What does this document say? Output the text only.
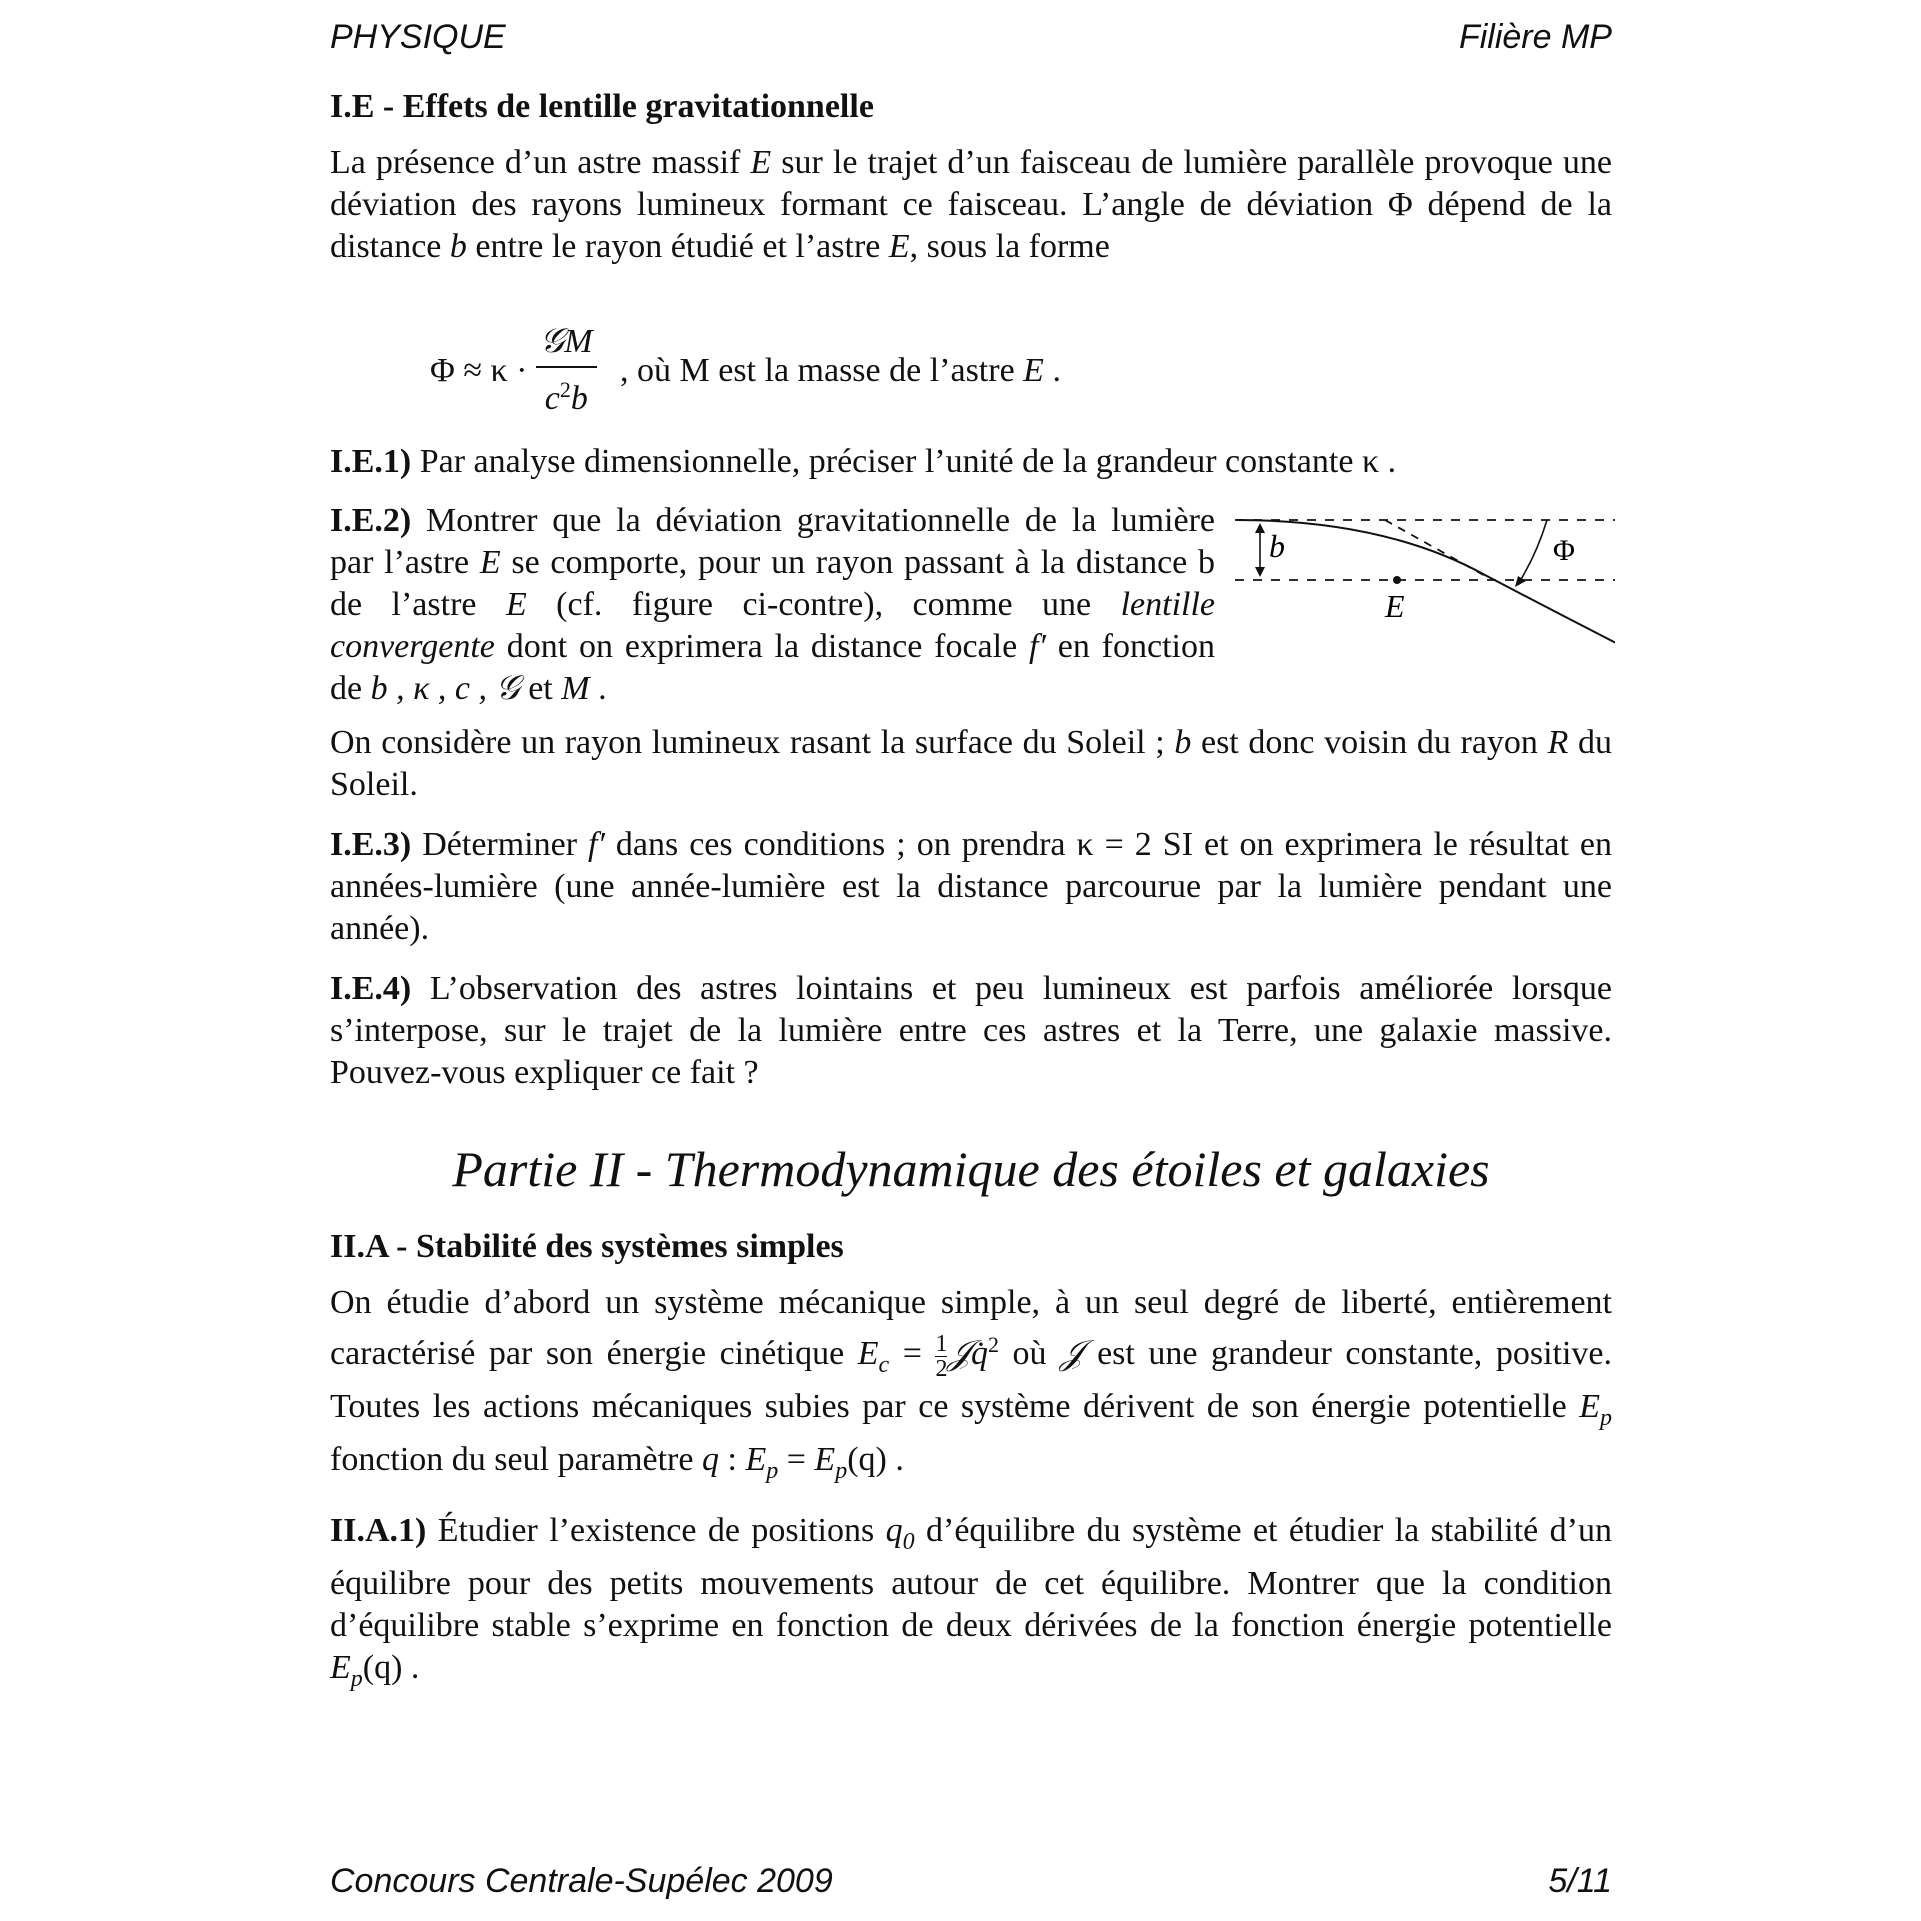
PHYSIQUE	Filière MP
I.E - Effets de lentille gravitationnelle

La présence d’un astre massif E sur le trajet d’un faisceau de lumière parallèle provoque une déviation des rayons lumineux formant ce faisceau. L’angle de déviation Φ dépend de la distance b entre le rayon étudié et l’astre E, sous la forme

Φ ≈ κ ·
𝒢M
$c^2b$
, où M est la masse de l’astre E .

I.E.1) Par analyse dimensionnelle, préciser l’unité de la grandeur constante κ .

I.E.2) Montrer que la déviation gravitationnelle de la lumière par l’astre E se comporte, pour un rayon passant à la distance b de l’astre E (cf. figure ci-contre), comme une lentille convergente dont on exprimera la distance focale f′ en fonction de b , κ , c , 𝒢 et M .

b	Φ
E

On considère un rayon lumineux rasant la surface du Soleil ; b est donc voisin du rayon R du Soleil.

I.E.3) Déterminer f′ dans ces conditions ; on prendra κ = 2 SI et on exprimera le résultat en années-lumière (une année-lumière est la distance parcourue par la lumière pendant une année).

I.E.4) L’observation des astres lointains et peu lumineux est parfois améliorée lorsque s’interpose, sur le trajet de la lumière entre ces astres et la Terre, une galaxie massive. Pouvez-vous expliquer ce fait ?

Partie II - Thermodynamique des étoiles et galaxies
II.A - Stabilité des systèmes simples

On étudie d’abord un système mécanique simple, à un seul degré de liberté, entièrement caractérisé par son énergie cinétique $E_c = \frac{1}{2}$ 𝒥q̇$^2$ où 𝒥 est une grandeur constante, positive. Toutes les actions mécaniques subies par ce système dérivent de son énergie potentielle $E_p$ fonction du seul paramètre q : $E_p = E_p(q)$ .

II.A.1) Étudier l’existence de positions $q_0$ d’équilibre du système et étudier la stabilité d’un équilibre pour des petits mouvements autour de cet équilibre. Montrer que la condition d’équilibre stable s’exprime en fonction de deux dérivées de la fonction énergie potentielle $E_p(q)$ .

Concours Centrale-Supélec 2009	5/11
